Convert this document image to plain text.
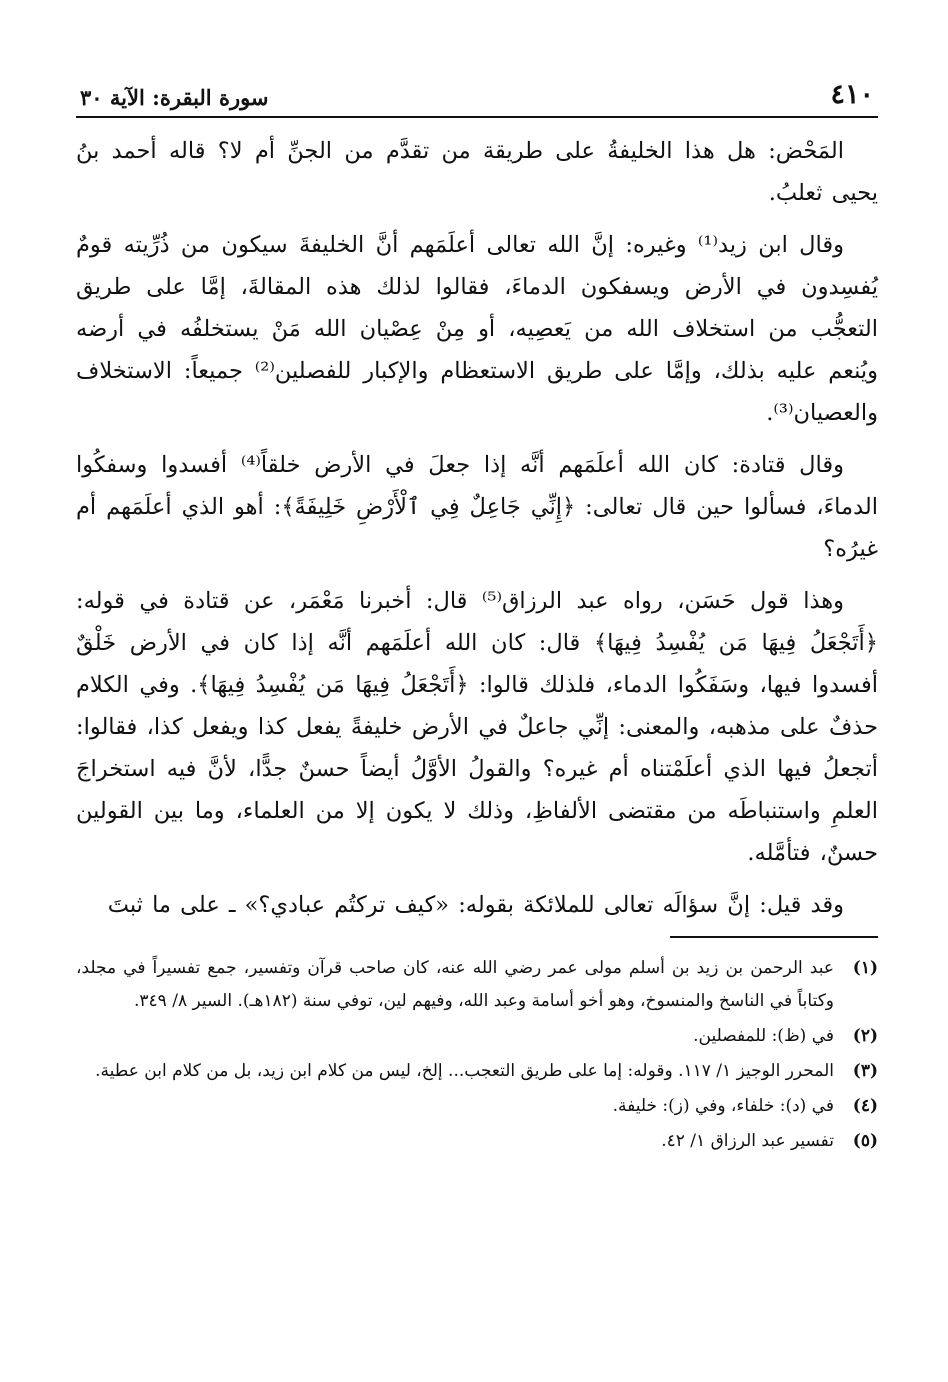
٤١٠
سورة البقرة: الآية ٣٠

المَحْض: هل هذا الخليفةُ على طريقة من تقدَّم من الجنِّ أم لا؟ قاله أحمد بنُ يحيى ثعلبُ.

وقال ابن زيد⁽¹⁾ وغيره: إنَّ الله تعالى أعلَمَهم أنَّ الخليفةَ سيكون من ذُرِّيته قومٌ يُفسِدون في الأرض ويسفكون الدماءَ، فقالوا لذلك هذه المقالةَ، إمَّا على طريق التعجُّب من استخلاف الله من يَعصِيه، أو مِنْ عِصْيان الله مَنْ يستخلفُه في أرضه ويُنعم عليه بذلك، وإمَّا على طريق الاستعظام والإكبار للفصلين⁽²⁾ جميعاً: الاستخلاف والعصيان⁽³⁾.

وقال قتادة: كان الله أعلَمَهم أنَّه إذا جعلَ في الأرض خلقاً⁽⁴⁾ أفسدوا وسفكُوا الدماءَ، فسألوا حين قال تعالى: ﴿إِنِّي جَاعِلٌ فِي ٱلْأَرْضِ خَلِيفَةً﴾: أهو الذي أعلَمَهم أم غيرُه؟

وهذا قول حَسَن، رواه عبد الرزاق⁽⁵⁾ قال: أخبرنا مَعْمَر، عن قتادة في قوله: ﴿أَتَجْعَلُ فِيهَا مَن يُفْسِدُ فِيهَا﴾ قال: كان الله أعلَمَهم أنَّه إذا كان في الأرض خَلْقٌ أفسدوا فيها، وسَفَكُوا الدماء، فلذلك قالوا: ﴿أَتَجْعَلُ فِيهَا مَن يُفْسِدُ فِيهَا﴾. وفي الكلام حذفٌ على مذهبه، والمعنى: إنِّي جاعلٌ في الأرض خليفةً يفعل كذا ويفعل كذا، فقالوا: أتجعلُ فيها الذي أعلَمْتناه أم غيره؟ والقولُ الأوَّلُ أيضاً حسنٌ جدًّا، لأنَّ فيه استخراجَ العلمِ واستنباطَه من مقتضى الألفاظِ، وذلك لا يكون إلا من العلماء، وما بين القولين حسنٌ، فتأمَّله.

وقد قيل: إنَّ سؤالَه تعالى للملائكة بقوله: «كيف تركتُم عبادي؟» ـ على ما ثبتَ

(١)
عبد الرحمن بن زيد بن أسلم مولى عمر رضي الله عنه، كان صاحب قرآن وتفسير، جمع تفسيراً في مجلد، وكتاباً في الناسخ والمنسوخ، وهو أخو أسامة وعبد الله، وفيهم لين، توفي سنة (١٨٢هـ). السير ٨/ ٣٤٩.
(٢)
في (ظ): للمفصلين.
(٣)
المحرر الوجيز ١/ ١١٧. وقوله: إما على طريق التعجب... إلخ، ليس من كلام ابن زيد، بل من كلام ابن عطية.
(٤)
في (د): خلفاء، وفي (ز): خليفة.
(٥)
تفسير عبد الرزاق ١/ ٤٢.
